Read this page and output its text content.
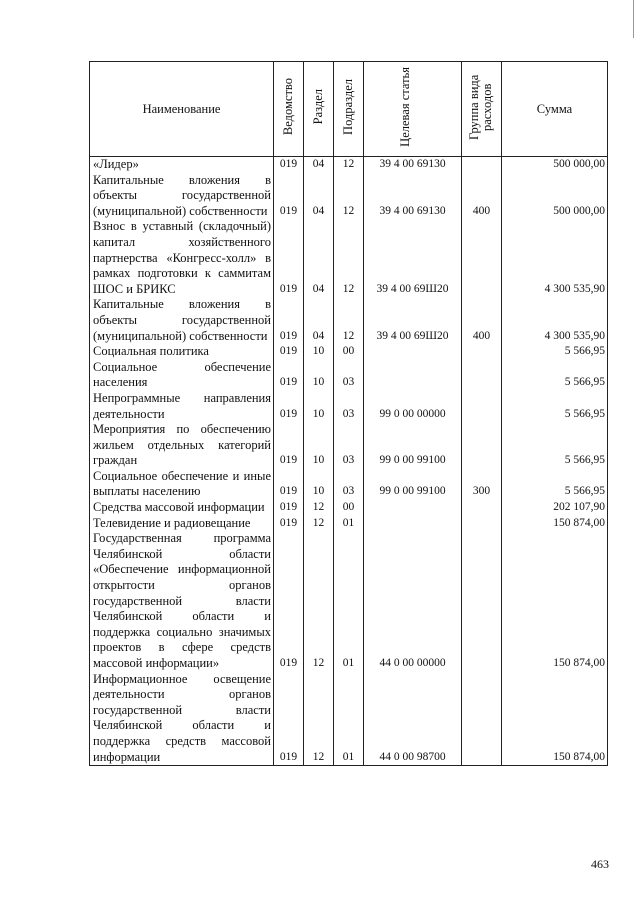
Наименование	Ведомство	Раздел	Подраздел	Целевая статья	Группа вида расходов	Сумма
«Лидер»	019	04	12	39 4 00 69130		500 000,00
Капитальные вложения в объекты государственной (муниципальной) собственности	019	04	12	39 4 00 69130	400	500 000,00
Взнос в уставный (складочный) капитал хозяйственного партнерства «Конгресс-холл» в рамках подготовки к саммитам ШОС и БРИКС	019	04	12	39 4 00 69Ш20		4 300 535,90
Капитальные вложения в объекты государственной (муниципальной) собственности	019	04	12	39 4 00 69Ш20	400	4 300 535,90
Социальная политика	019	10	00			5 566,95
Социальное обеспечение населения	019	10	03			5 566,95
Непрограммные направления деятельности	019	10	03	99 0 00 00000		5 566,95
Мероприятия по обеспечению жильем отдельных категорий граждан	019	10	03	99 0 00 99100		5 566,95
Социальное обеспечение и иные выплаты населению	019	10	03	99 0 00 99100	300	5 566,95
Средства массовой информации	019	12	00			202 107,90
Телевидение и радиовещание	019	12	01			150 874,00
Государственная программа Челябинской области «Обеспечение информационной открытости органов государственной власти Челябинской области и поддержка социально значимых проектов в сфере средств массовой информации»	019	12	01	44 0 00 00000		150 874,00
Информационное освещение деятельности органов государственной власти Челябинской области и поддержка средств массовой информации	019	12	01	44 0 00 98700		150 874,00
463
